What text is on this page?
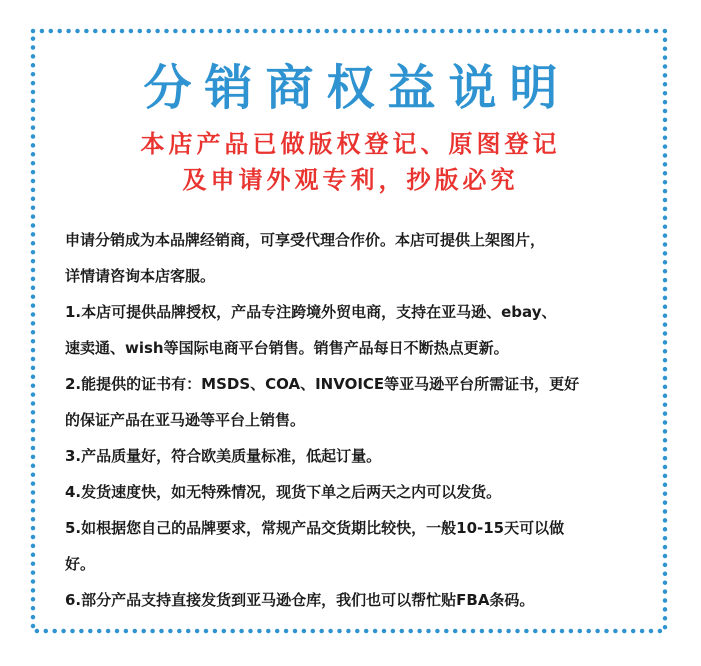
分销商权益说明
本店产品已做版权登记、原图登记
及申请外观专利，抄版必究

申请分销成为本品牌经销商，可享受代理合作价。本店可提供上架图片，

详情请咨询本店客服。

1.本店可提供品牌授权，产品专注跨境外贸电商，支持在亚马逊、ebay、

速卖通、wish等国际电商平台销售。销售产品每日不断热点更新。

2.能提供的证书有：MSDS、COA、INVOICE等亚马逊平台所需证书，更好

的保证产品在亚马逊等平台上销售。

3.产品质量好，符合欧美质量标准，低起订量。

4.发货速度快，如无特殊情况，现货下单之后两天之内可以发货。

5.如根据您自己的品牌要求，常规产品交货期比较快，一般10-15天可以做

好。

6.部分产品支持直接发货到亚马逊仓库，我们也可以帮忙贴FBA条码。
